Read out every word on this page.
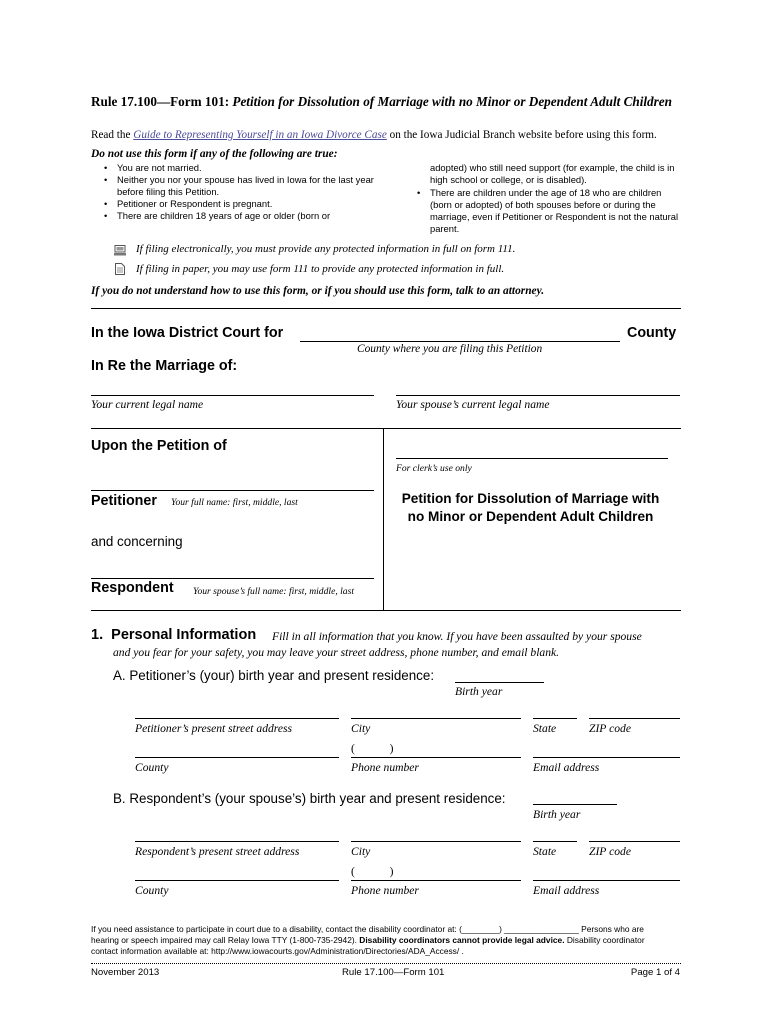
Rule 17.100—Form 101: Petition for Dissolution of Marriage with no Minor or Dependent Adult Children
Read the Guide to Representing Yourself in an Iowa Divorce Case on the Iowa Judicial Branch website before using this form.
Do not use this form if any of the following are true:
• You are not married.
• Neither you nor your spouse has lived in Iowa for the last year before filing this Petition.
• Petitioner or Respondent is pregnant.
• There are children 18 years of age or older (born or
adopted) who still need support (for example, the child is in high school or college, or is disabled).
• There are children under the age of 18 who are children (born or adopted) of both spouses before or during the marriage, even if Petitioner or Respondent is not the natural parent.
If filing electronically, you must provide any protected information in full on form 111.
If filing in paper, you may use form 111 to provide any protected information in full.
If you do not understand how to use this form, or if you should use this form, talk to an attorney.
In the Iowa District Court for	County
County where you are filing this Petition
In Re the Marriage of:
Your current legal name	Your spouse’s current legal name
Upon the Petition of
For clerk’s use only
Petitioner Your full name: first, middle, last	Petition for Dissolution of Marriage with
no Minor or Dependent Adult Children
and concerning
Respondent Your spouse’s full name: first, middle, last
1. Personal Information Fill in all information that you know. If you have been assaulted by your spouse
and you fear for your safety, you may leave your street address, phone number, and email blank.
A. Petitioner’s (your) birth year and present residence:
Birth year
Petitioner’s present street address	City	State	ZIP code
(            )
County	Phone number	Email address
B. Respondent’s (your spouse’s) birth year and present residence:
Birth year
Respondent’s present street address	City	State	ZIP code
(            )
County	Phone number	Email address
If you need assistance to participate in court due to a disability, contact the disability coordinator at: (________) ________________ Persons who are
hearing or speech impaired may call Relay Iowa TTY (1-800-735-2942). Disability coordinators cannot provide legal advice. Disability coordinator
contact information available at: http://www.iowacourts.gov/Administration/Directories/ADA_Access/ .
November 2013	Rule 17.100—Form 101	Page 1 of 4
